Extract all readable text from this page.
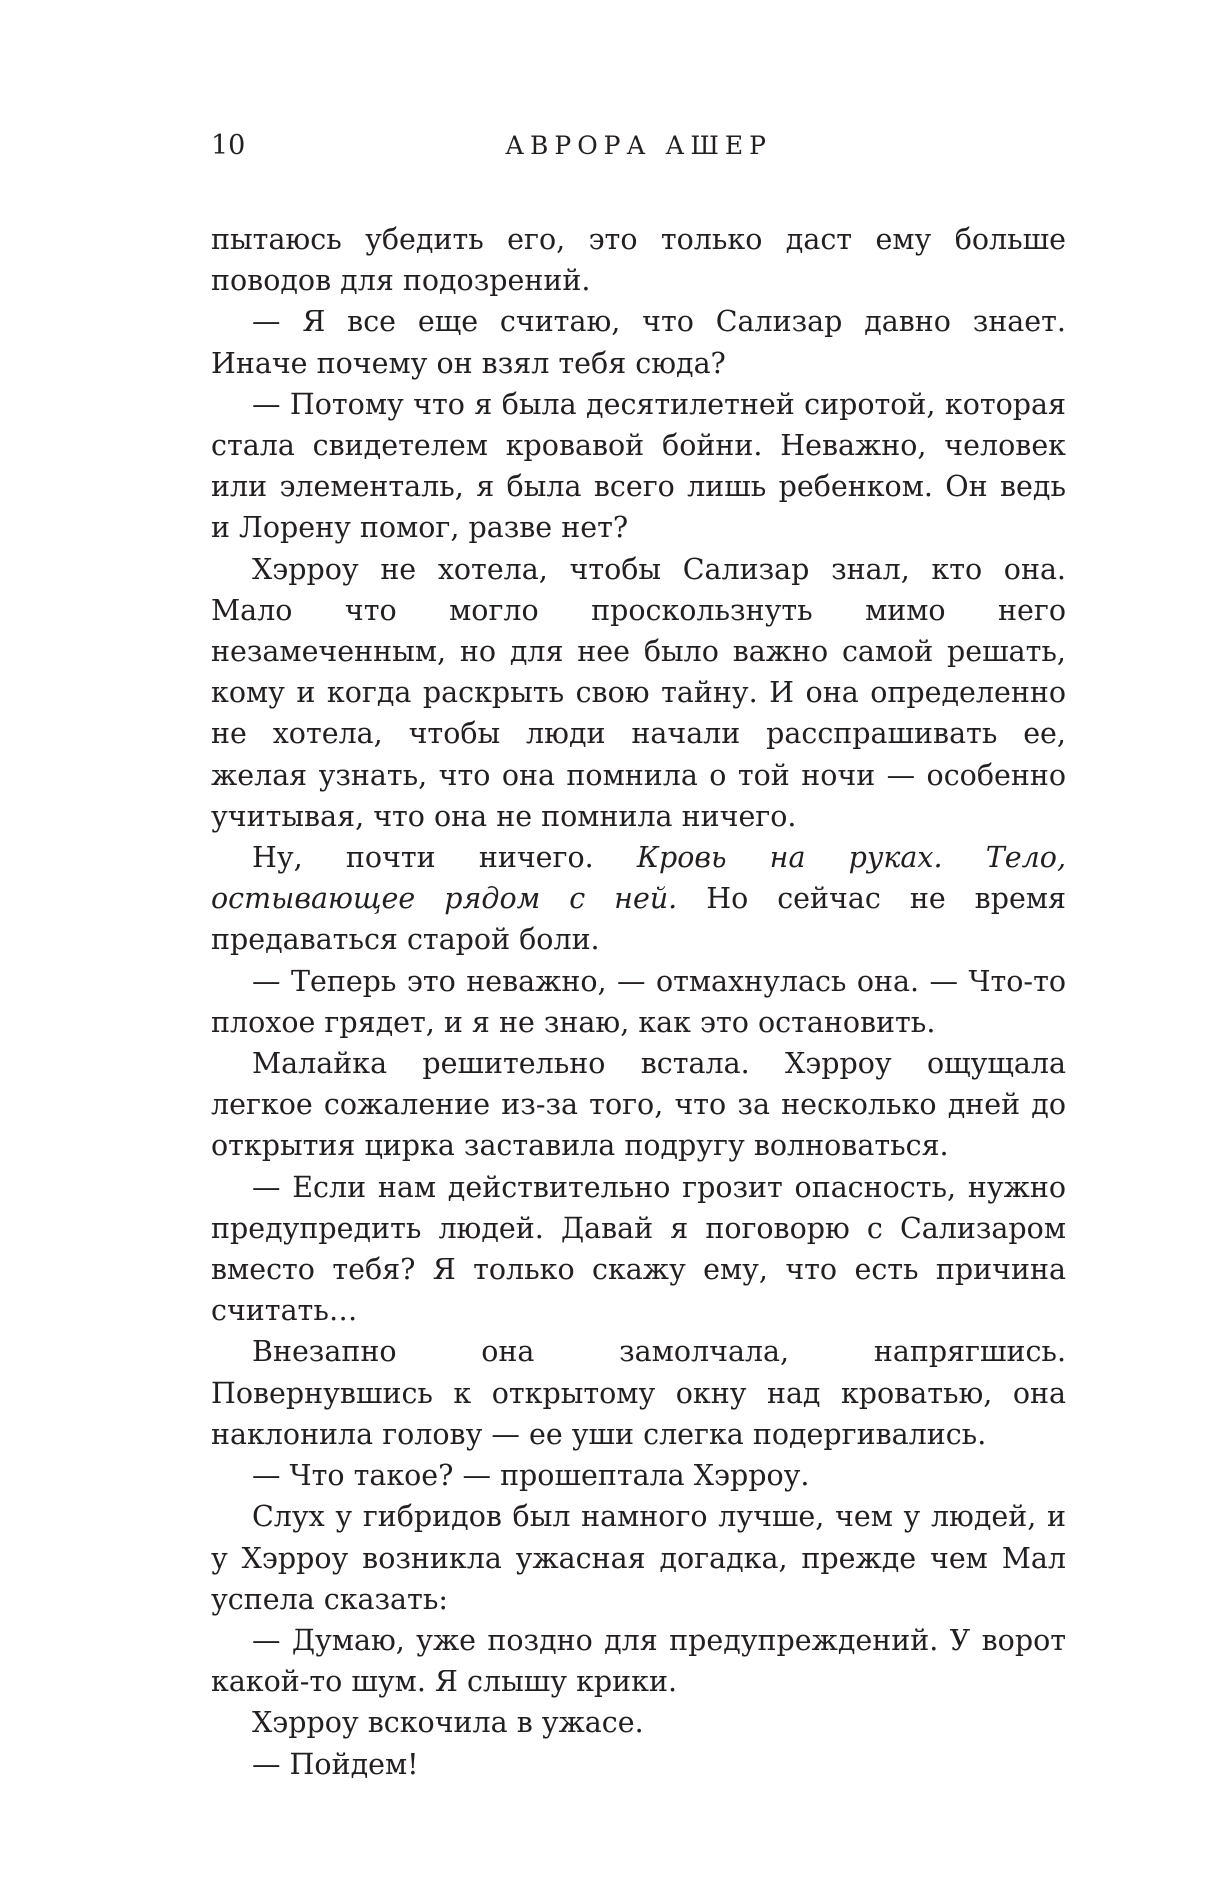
10	АВРОРА АШЕР

пытаюсь убедить его, это только даст ему больше поводов для подозрений.

— Я все еще считаю, что Сализар давно знает. Иначе почему он взял тебя сюда?

— Потому что я была десятилетней сиротой, которая стала свидетелем кровавой бойни. Неважно, человек или элементаль, я была всего лишь ребенком. Он ведь и Лорену помог, разве нет?

Хэрроу не хотела, чтобы Сализар знал, кто она. Мало что могло проскользнуть мимо него незамеченным, но для нее было важно самой решать, кому и когда раскрыть свою тайну. И она определенно не хотела, чтобы люди начали расспрашивать ее, желая узнать, что она помнила о той ночи — особенно учитывая, что она не помнила ничего.

Ну, почти ничего. Кровь на руках. Тело, остывающее рядом с ней. Но сейчас не время предаваться старой боли.

— Теперь это неважно, — отмахнулась она. — Что-то плохое грядет, и я не знаю, как это остановить.

Малайка решительно встала. Хэрроу ощущала легкое сожаление из-за того, что за несколько дней до открытия цирка заставила подругу волноваться.

— Если нам действительно грозит опасность, нужно предупредить людей. Давай я поговорю с Сализаром вместо тебя? Я только скажу ему, что есть причина считать…

Внезапно она замолчала, напрягшись. Повернувшись к открытому окну над кроватью, она наклонила голову — ее уши слегка подергивались.

— Что такое? — прошептала Хэрроу.

Слух у гибридов был намного лучше, чем у людей, и у Хэрроу возникла ужасная догадка, прежде чем Мал успела сказать:

— Думаю, уже поздно для предупреждений. У ворот какой-то шум. Я слышу крики.

Хэрроу вскочила в ужасе.

— Пойдем!
